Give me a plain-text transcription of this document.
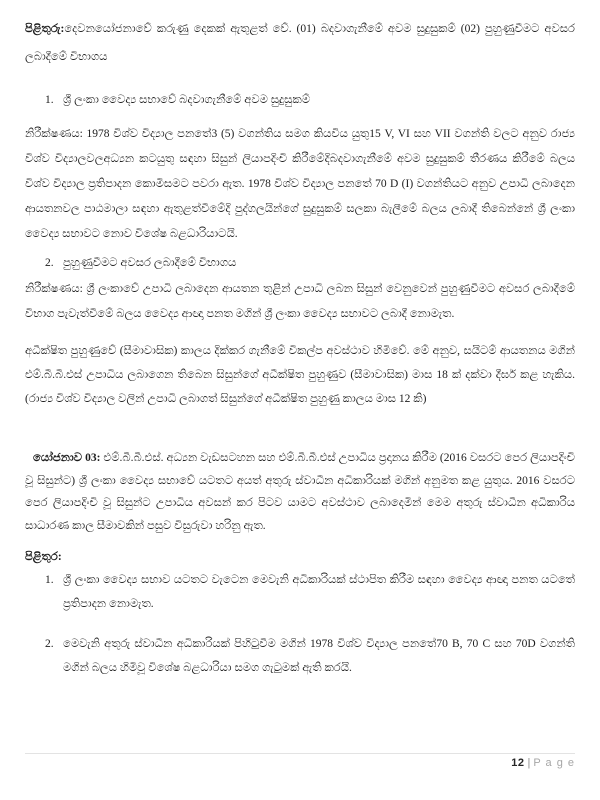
පිළිතුරු:දෙවනයෝජනාවේ කරුණු දෙකක් ඇතුළත් වේ. (01) බදවාගැනීමේ අවම සුදුසුකම් (02) පුහුණුවීමට අවසර ලබාදීමේ විභාගය

1. ශ්‍රී ලංකා වෛද්‍ය සභාවේ බදවාගැනීමේ අවම සුදුසුකම්

නිරීක්ෂණය: 1978 විශ්ව විද්‍යාල පනතේ3 (5) වගන්තිය සමග කියවිය යුතු15 V, VI සහ VII වගන්ති වලට අනුව රාජ්‍ය විශ්ව විද්‍යාලවලඅධ්‍යන කටයුතු සඳහා සිසුන් ලියාපදිංචි කිරීමේදිබදවාගැනීමේ අවම සුදුසුකම් තීරණය කිරීමේ බලය විශ්ව විද්‍යාල ප්‍රතිපාදන කොමිසමට පවරා ඇත. 1978 විශ්ව විද්‍යාල පනතේ 70 D (I) වගන්තියට අනුව උපාධි ලබාදෙන ආයතනවල පාඨමාලා සඳහා ඇතුළත්වීමේදි පුද්ගලයින්ගේ සුදුසුකම් සලකා බැලීමේ බලය ලබාදී තිබෙන්නේ ශ්‍රී ලංකා වෛද්‍ය සභාවට නොව විශේෂ බළධාරියාටයි.

2. පුහුණුවීමට අවසර ලබාදීමේ විභාගය

නිරීක්ෂණය: ශ්‍රී ලංකාවේ උපාධි ලබාදෙන ආයතන තුළින් උපාධි ලබන සිසුන් වෙනුවෙන් පුහුණුවීමට අවසර ලබාදීමේ විභාග පැවැත්වීමේ බලය වෛද්‍ය ආඥා පනත මගින් ශ්‍රී ලංකා වෛද්‍ය සභාවට ලබාදී නොමැත.

අධීක්ෂිත පුහුණුවේ (සීමාවාසික) කාලය දික්කර ගැනීමේ විකල්ප අවස්ථාව හිමිවේ. මේ අනුව, සයිටම් ආයතනය මගින් එම්.බී.බී.එස් උපාධිය ලබාගෙන තිබෙන සිසුන්ගේ අධීක්ෂිත පුහුණුව (සීමාවාසික) මාස 18 ක් දක්වා දීර්ඝ කළ හැකිය. (රාජ්‍ය විශ්ව විද්‍යාල වලින් උපාධි ලබාගත් සිසුන්ගේ අධීක්ෂිත පුහුණු කාලය මාස 12 කි)

යෝජනාව 03: එම්.බී.බී.එස්. අධ්‍යන වැඩසටහන සහ එම්.බී.බී.එස් උපාධිය ප්‍රදානය කිරීම (2016 වසරට පෙර ලියාපදිංචි වූ සිසුන්ට) ශ්‍රී ලංකා වෛද්‍ය සභාවේ යටතට අයත් අතුරු ස්වාධීන අධිකාරියක් මගින් අනුමත කළ යුතුය. 2016 වසරට පෙර ලියාපදිංචි වූ සිසුන්ට උපාධිය අවසන් කර පිටව යාමට අවස්ථාව ලබාදෙමින් මෙම අතුරු ස්වාධීන අධිකාරිය සාධාරණ කාල සීමාවකින් පසුව විසුරුවා හරිනු ඇත.

පිළිතුර:

1. ශ්‍රී ලංකා වෛද්‍ය සභාව යටතට වැටෙන මෙවැනි අධිකාරියක් ස්ථාපිත කිරීම සඳහා වෛද්‍ය ආඥා පනත යටතේ ප්‍රතිපාදන නොමැත.
2. මෙවැනි අතුරු ස්වාධීන අධිකාරියක් පිහිටුවීම මගින් 1978 විශ්ව විද්‍යාල පනතේ70 B, 70 C සහ 70D වගන්ති මගින් බලය හිමිවූ විශේෂ බළධාරියා සමග ගැටුමක් ඇති කරයි.
12 | P a g e
